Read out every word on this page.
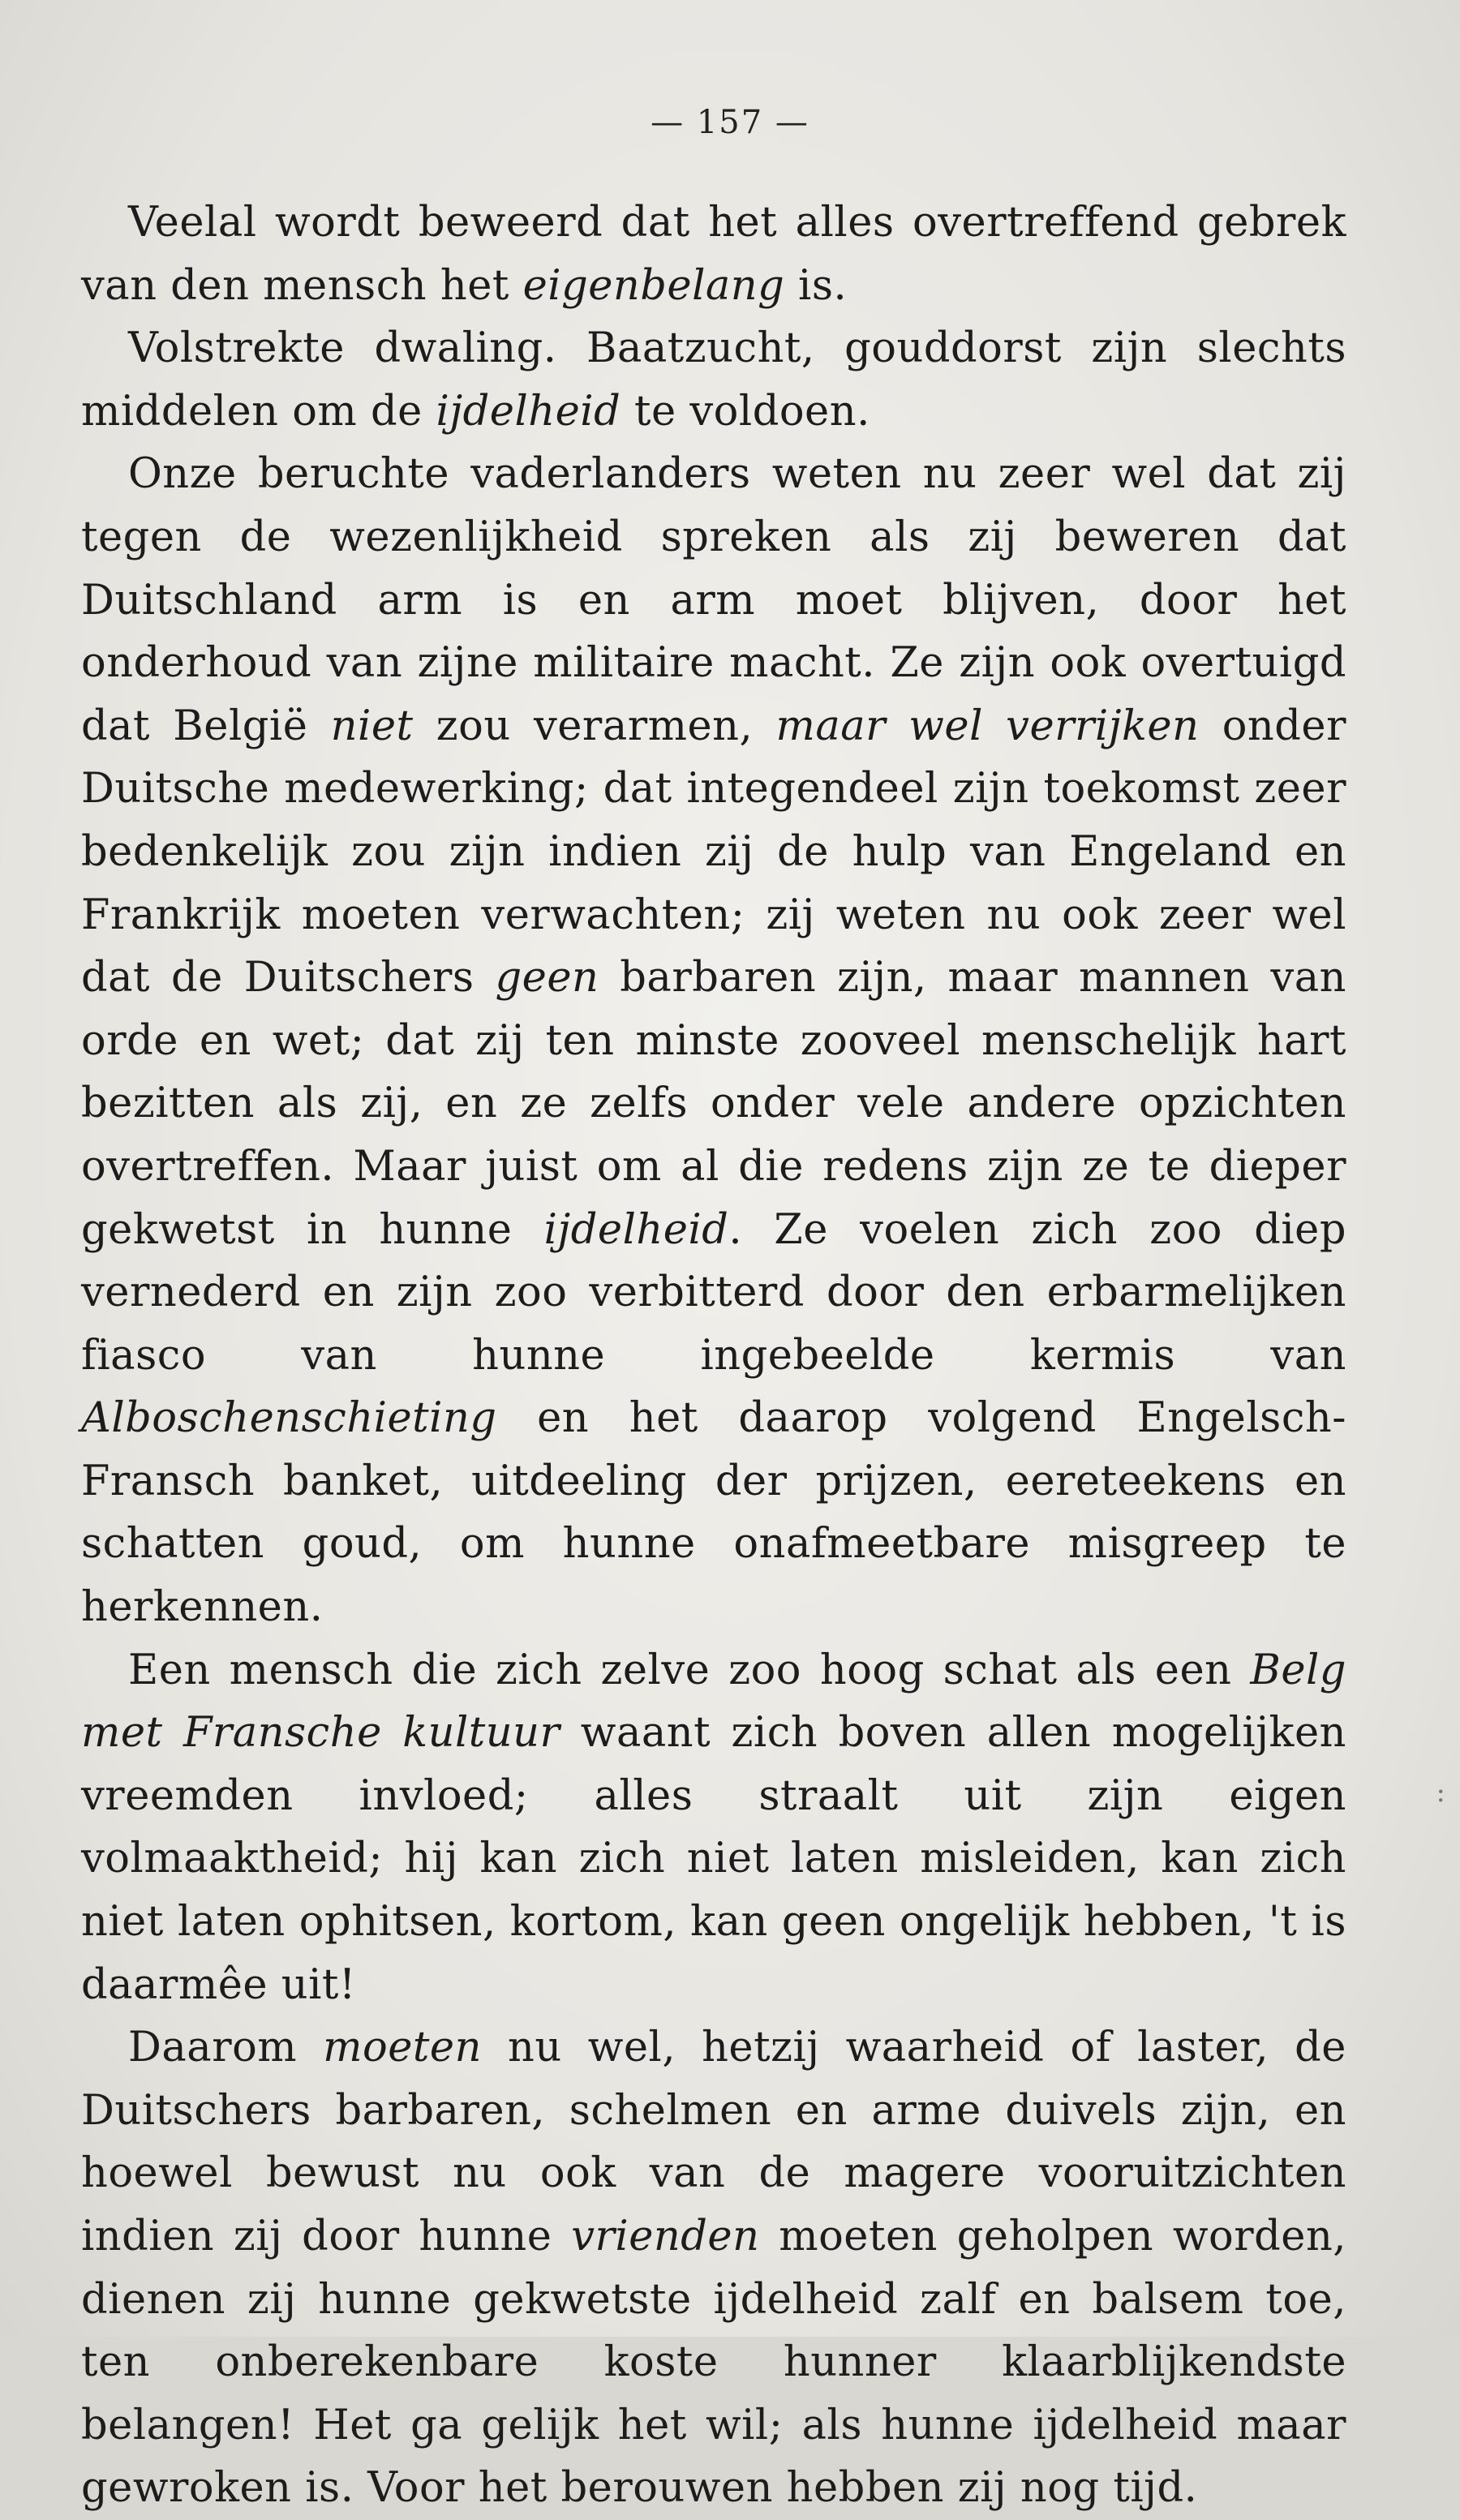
— 157 —

Veelal wordt beweerd dat het alles overtreffend gebrek van den mensch het eigenbelang is.

Volstrekte dwaling. Baatzucht, gouddorst zijn slechts middelen om de ijdelheid te voldoen.

Onze beruchte vaderlanders weten nu zeer wel dat zij tegen de wezenlijkheid spreken als zij beweren dat Duitschland arm is en arm moet blijven, door het onderhoud van zijne militaire macht. Ze zijn ook overtuigd dat België niet zou verarmen, maar wel verrijken onder Duitsche medewerking; dat integendeel zijn toekomst zeer bedenkelijk zou zijn indien zij de hulp van Engeland en Frankrijk moeten verwachten; zij weten nu ook zeer wel dat de Duitschers geen barbaren zijn, maar mannen van orde en wet; dat zij ten minste zooveel menschelijk hart bezitten als zij, en ze zelfs onder vele andere opzichten overtreffen. Maar juist om al die redens zijn ze te dieper gekwetst in hunne ijdelheid. Ze voelen zich zoo diep vernederd en zijn zoo verbitterd door den erbarmelijken fiasco van hunne ingebeelde kermis van Alboschenschieting en het daarop volgend Engelsch-Fransch banket, uitdeeling der prijzen, eereteekens en schatten goud, om hunne onafmeetbare misgreep te herkennen.

Een mensch die zich zelve zoo hoog schat als een Belg met Fransche kultuur waant zich boven allen mogelijken vreemden invloed; alles straalt uit zijn eigen volmaaktheid; hij kan zich niet laten misleiden, kan zich niet laten ophitsen, kortom, kan geen ongelijk hebben, 't is daarmêe uit!

Daarom moeten nu wel, hetzij waarheid of laster, de Duitschers barbaren, schelmen en arme duivels zijn, en hoewel bewust nu ook van de magere vooruitzichten indien zij door hunne vrienden moeten geholpen worden, dienen zij hunne gekwetste ijdelheid zalf en balsem toe, ten onberekenbare koste hunner klaarblijkendste belangen! Het ga gelijk het wil; als hunne ijdelheid maar gewroken is. Voor het berouwen hebben zij nog tijd.

:
